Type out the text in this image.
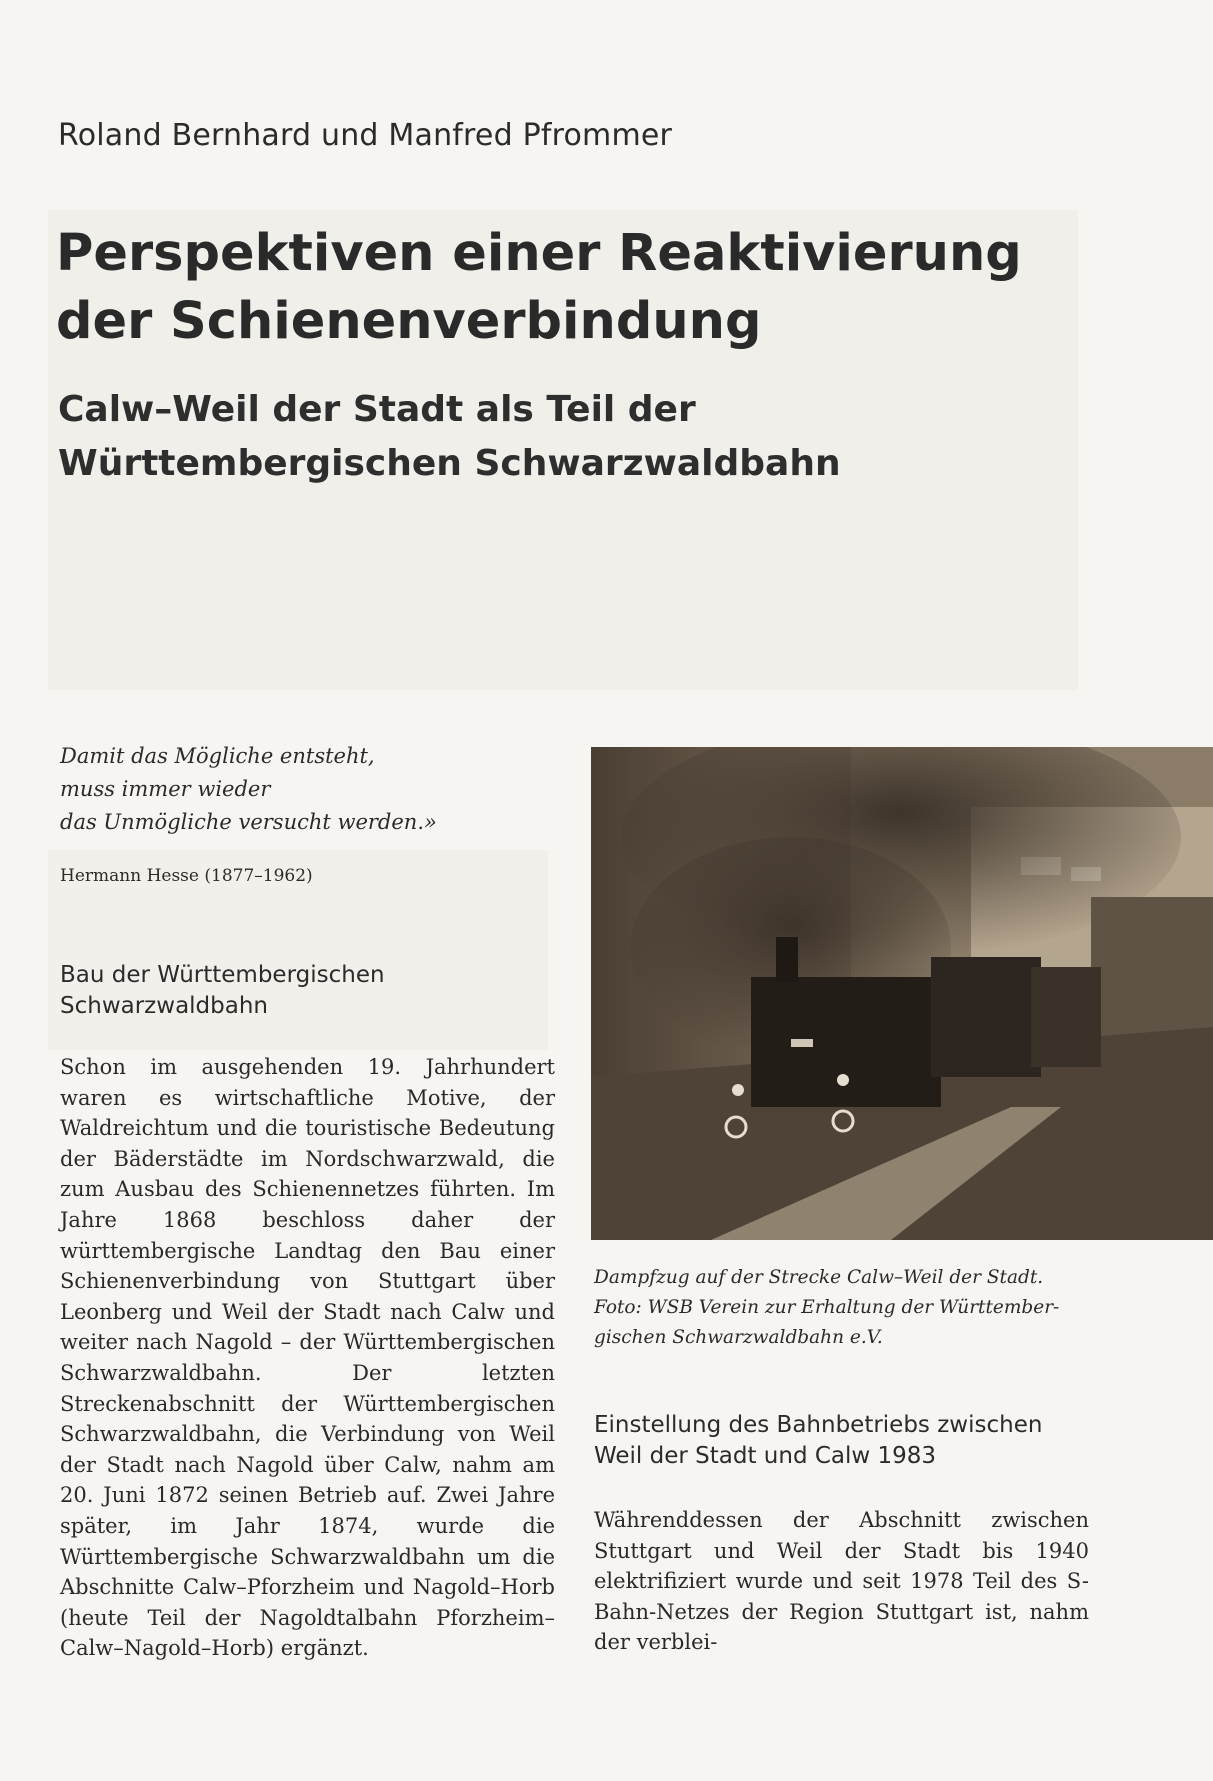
Roland Bernhard und Manfred Pfrommer
Perspektiven einer Reaktivierung
der Schienenverbindung
Calw–Weil der Stadt als Teil der
Württembergischen Schwarzwaldbahn
Damit das Mögliche entsteht,
muss immer wieder
das Unmögliche versucht werden.»
Hermann Hesse (1877–1962)
Bau der Württembergischen
Schwarzwaldbahn

Schon im ausgehenden 19. Jahrhundert waren es wirtschaftliche Motive, der Waldreichtum und die touristische Bedeutung der Bäderstädte im Nordschwarzwald, die zum Ausbau des Schienennetzes führten. Im Jahre 1868 beschloss daher der württembergische Landtag den Bau einer Schienenverbindung von Stuttgart über Leonberg und Weil der Stadt nach Calw und weiter nach Nagold – der Württembergischen Schwarzwaldbahn. Der letzten Streckenabschnitt der Württembergischen Schwarzwaldbahn, die Verbindung von Weil der Stadt nach Nagold über Calw, nahm am 20. Juni 1872 seinen Betrieb auf. Zwei Jahre später, im Jahr 1874, wurde die Württembergische Schwarzwaldbahn um die Abschnitte Calw–Pforzheim und Nagold–Horb (heute Teil der Nagoldtalbahn Pforzheim–Calw–Nagold–Horb) ergänzt.

Dampfzug auf der Strecke Calw–Weil der Stadt.
Foto: WSB Verein zur Erhaltung der Württember-
gischen Schwarzwaldbahn e.V.
Einstellung des Bahnbetriebs zwischen
Weil der Stadt und Calw 1983

Währenddessen der Abschnitt zwischen Stuttgart und Weil der Stadt bis 1940 elektrifiziert wurde und seit 1978 Teil des S-Bahn-Netzes der Region Stuttgart ist, nahm der verblei-
